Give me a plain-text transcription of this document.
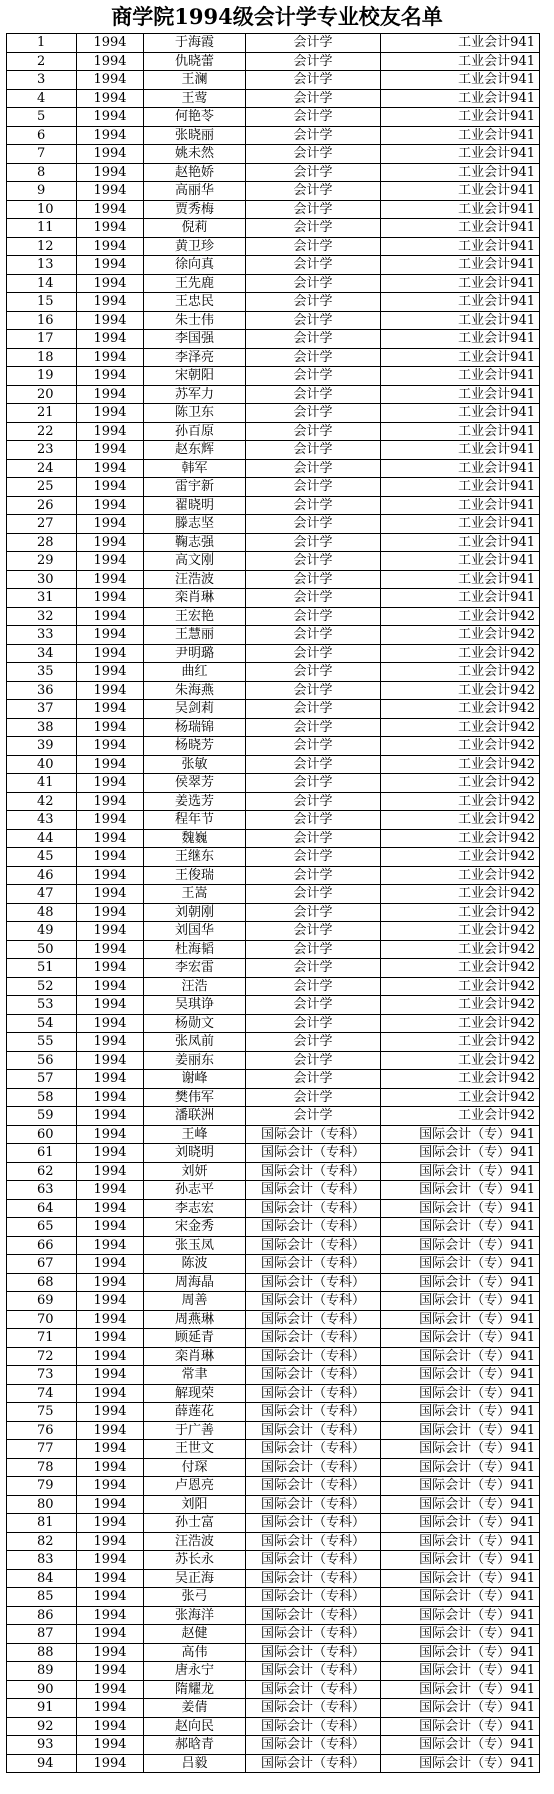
商学院1994级会计学专业校友名单
1	1994	于海霞	会计学	工业会计941
2	1994	仇晓蕾	会计学	工业会计941
3	1994	王澜	会计学	工业会计941
4	1994	王莺	会计学	工业会计941
5	1994	何艳苓	会计学	工业会计941
6	1994	张晓丽	会计学	工业会计941
7	1994	姚未然	会计学	工业会计941
8	1994	赵艳娇	会计学	工业会计941
9	1994	高丽华	会计学	工业会计941
10	1994	贾秀梅	会计学	工业会计941
11	1994	倪莉	会计学	工业会计941
12	1994	黄卫珍	会计学	工业会计941
13	1994	徐向真	会计学	工业会计941
14	1994	王先鹿	会计学	工业会计941
15	1994	王忠民	会计学	工业会计941
16	1994	朱士伟	会计学	工业会计941
17	1994	李国强	会计学	工业会计941
18	1994	李泽亮	会计学	工业会计941
19	1994	宋朝阳	会计学	工业会计941
20	1994	苏军力	会计学	工业会计941
21	1994	陈卫东	会计学	工业会计941
22	1994	孙百原	会计学	工业会计941
23	1994	赵东辉	会计学	工业会计941
24	1994	韩军	会计学	工业会计941
25	1994	雷宇新	会计学	工业会计941
26	1994	翟晓明	会计学	工业会计941
27	1994	滕志坚	会计学	工业会计941
28	1994	鞠志强	会计学	工业会计941
29	1994	高文刚	会计学	工业会计941
30	1994	汪浩波	会计学	工业会计941
31	1994	栾肖琳	会计学	工业会计941
32	1994	王宏艳	会计学	工业会计942
33	1994	王慧丽	会计学	工业会计942
34	1994	尹明璐	会计学	工业会计942
35	1994	曲红	会计学	工业会计942
36	1994	朱海燕	会计学	工业会计942
37	1994	吴剑莉	会计学	工业会计942
38	1994	杨瑞锦	会计学	工业会计942
39	1994	杨晓芳	会计学	工业会计942
40	1994	张敏	会计学	工业会计942
41	1994	侯翠芳	会计学	工业会计942
42	1994	姜选芳	会计学	工业会计942
43	1994	程年节	会计学	工业会计942
44	1994	魏巍	会计学	工业会计942
45	1994	王继东	会计学	工业会计942
46	1994	王俊瑞	会计学	工业会计942
47	1994	王嵩	会计学	工业会计942
48	1994	刘朝刚	会计学	工业会计942
49	1994	刘国华	会计学	工业会计942
50	1994	杜海韬	会计学	工业会计942
51	1994	李宏雷	会计学	工业会计942
52	1994	汪浩	会计学	工业会计942
53	1994	吴琪诤	会计学	工业会计942
54	1994	杨勋文	会计学	工业会计942
55	1994	张凤前	会计学	工业会计942
56	1994	姜丽东	会计学	工业会计942
57	1994	谢峰	会计学	工业会计942
58	1994	樊伟军	会计学	工业会计942
59	1994	潘联洲	会计学	工业会计942
60	1994	王峰	国际会计（专科）	国际会计（专）941
61	1994	刘晓明	国际会计（专科）	国际会计（专）941
62	1994	刘妍	国际会计（专科）	国际会计（专）941
63	1994	孙志平	国际会计（专科）	国际会计（专）941
64	1994	李志宏	国际会计（专科）	国际会计（专）941
65	1994	宋金秀	国际会计（专科）	国际会计（专）941
66	1994	张玉凤	国际会计（专科）	国际会计（专）941
67	1994	陈波	国际会计（专科）	国际会计（专）941
68	1994	周海晶	国际会计（专科）	国际会计（专）941
69	1994	周善	国际会计（专科）	国际会计（专）941
70	1994	周燕琳	国际会计（专科）	国际会计（专）941
71	1994	顾延青	国际会计（专科）	国际会计（专）941
72	1994	栾肖琳	国际会计（专科）	国际会计（专）941
73	1994	常聿	国际会计（专科）	国际会计（专）941
74	1994	解现荣	国际会计（专科）	国际会计（专）941
75	1994	薛莲花	国际会计（专科）	国际会计（专）941
76	1994	于广善	国际会计（专科）	国际会计（专）941
77	1994	王世文	国际会计（专科）	国际会计（专）941
78	1994	付琛	国际会计（专科）	国际会计（专）941
79	1994	卢恩亮	国际会计（专科）	国际会计（专）941
80	1994	刘阳	国际会计（专科）	国际会计（专）941
81	1994	孙士富	国际会计（专科）	国际会计（专）941
82	1994	汪浩波	国际会计（专科）	国际会计（专）941
83	1994	苏长永	国际会计（专科）	国际会计（专）941
84	1994	吴正海	国际会计（专科）	国际会计（专）941
85	1994	张弓	国际会计（专科）	国际会计（专）941
86	1994	张海洋	国际会计（专科）	国际会计（专）941
87	1994	赵健	国际会计（专科）	国际会计（专）941
88	1994	高伟	国际会计（专科）	国际会计（专）941
89	1994	唐永宁	国际会计（专科）	国际会计（专）941
90	1994	隋耀龙	国际会计（专科）	国际会计（专）941
91	1994	姜倩	国际会计（专科）	国际会计（专）941
92	1994	赵向民	国际会计（专科）	国际会计（专）941
93	1994	郝晗青	国际会计（专科）	国际会计（专）941
94	1994	吕毅	国际会计（专科）	国际会计（专）941
